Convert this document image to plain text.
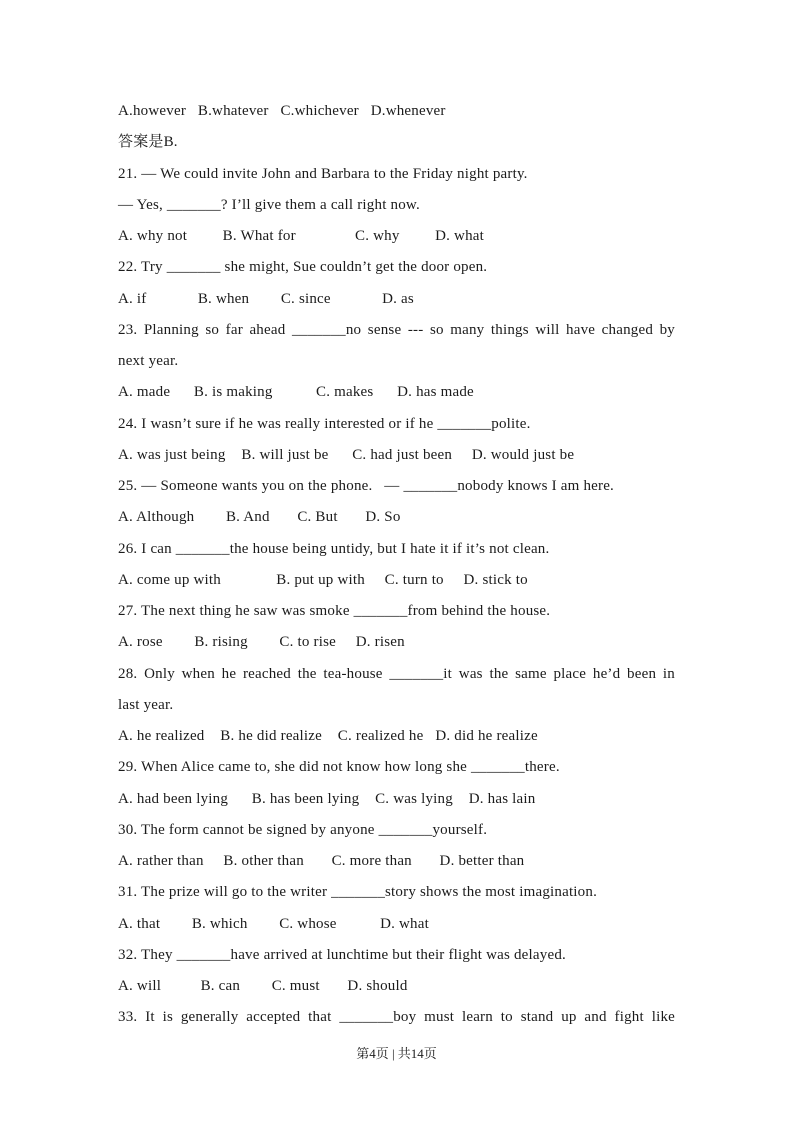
A.however   B.whatever   C.whichever   D.whenever
答案是B.
21. — We could invite John and Barbara to the Friday night party.
— Yes, _______? I’ll give them a call right now.
A. why not         B. What for               C. why         D. what
22. Try _______ she might, Sue couldn’t get the door open.
A. if             B. when        C. since             D. as
23. Planning so far ahead _______no sense --- so many things will have changed by
next year.
A. made      B. is making           C. makes      D. has made
24. I wasn’t sure if he was really interested or if he _______polite.
A. was just being    B. will just be      C. had just been     D. would just be
25. — Someone wants you on the phone.   — _______nobody knows I am here.
A. Although        B. And       C. But       D. So
26. I can _______the house being untidy, but I hate it if it’s not clean.
A. come up with              B. put up with     C. turn to     D. stick to
27. The next thing he saw was smoke _______from behind the house.
A. rose        B. rising        C. to rise     D. risen
28. Only when he reached the tea-house _______it was the same place he’d been in
last year.
A. he realized    B. he did realize    C. realized he   D. did he realize
29. When Alice came to, she did not know how long she _______there.
A. had been lying      B. has been lying    C. was lying    D. has lain
30. The form cannot be signed by anyone _______yourself.
A. rather than     B. other than       C. more than       D. better than
31. The prize will go to the writer _______story shows the most imagination.
A. that        B. which        C. whose           D. what
32. They _______have arrived at lunchtime but their flight was delayed.
A. will          B. can        C. must       D. should
33. It is generally accepted that _______boy must learn to stand up and fight like
第4页 | 共14页
